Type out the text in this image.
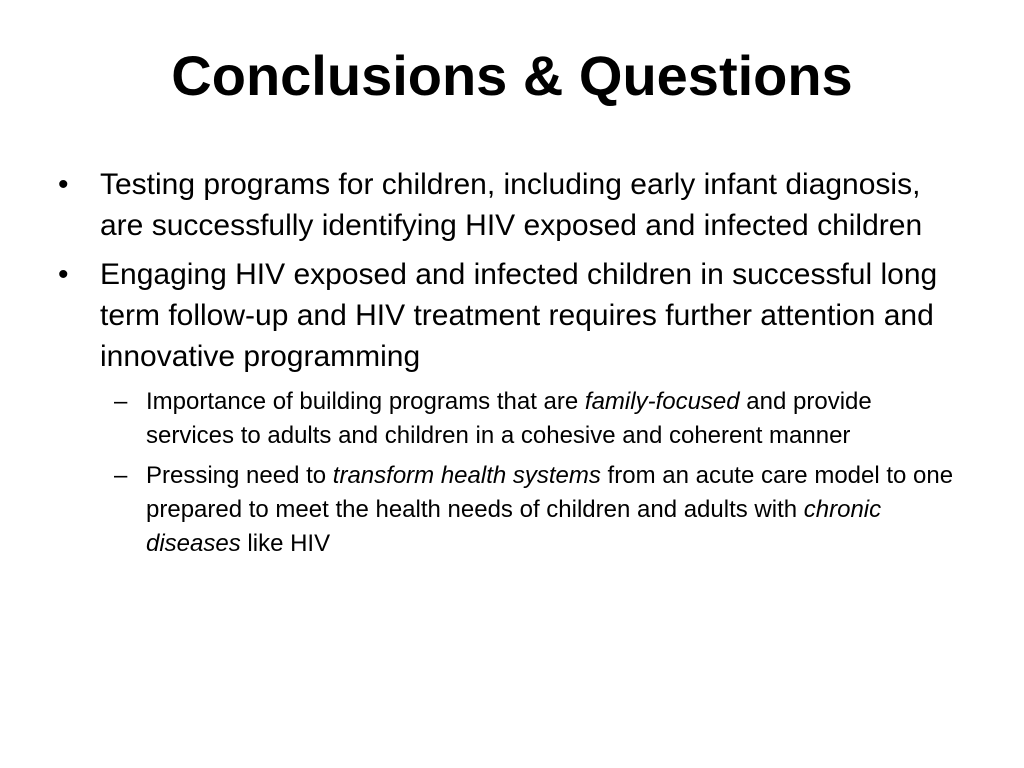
Conclusions & Questions
• Testing programs for children, including early infant diagnosis, are successfully identifying HIV exposed and infected children
• Engaging HIV exposed and infected children in successful long term follow-up and HIV treatment requires further attention and innovative programming
– Importance of building programs that are family-focused and provide services to adults and children in a cohesive and coherent manner
– Pressing need to transform health systems from an acute care model to one prepared to meet the health needs of children and adults with chronic diseases like HIV
